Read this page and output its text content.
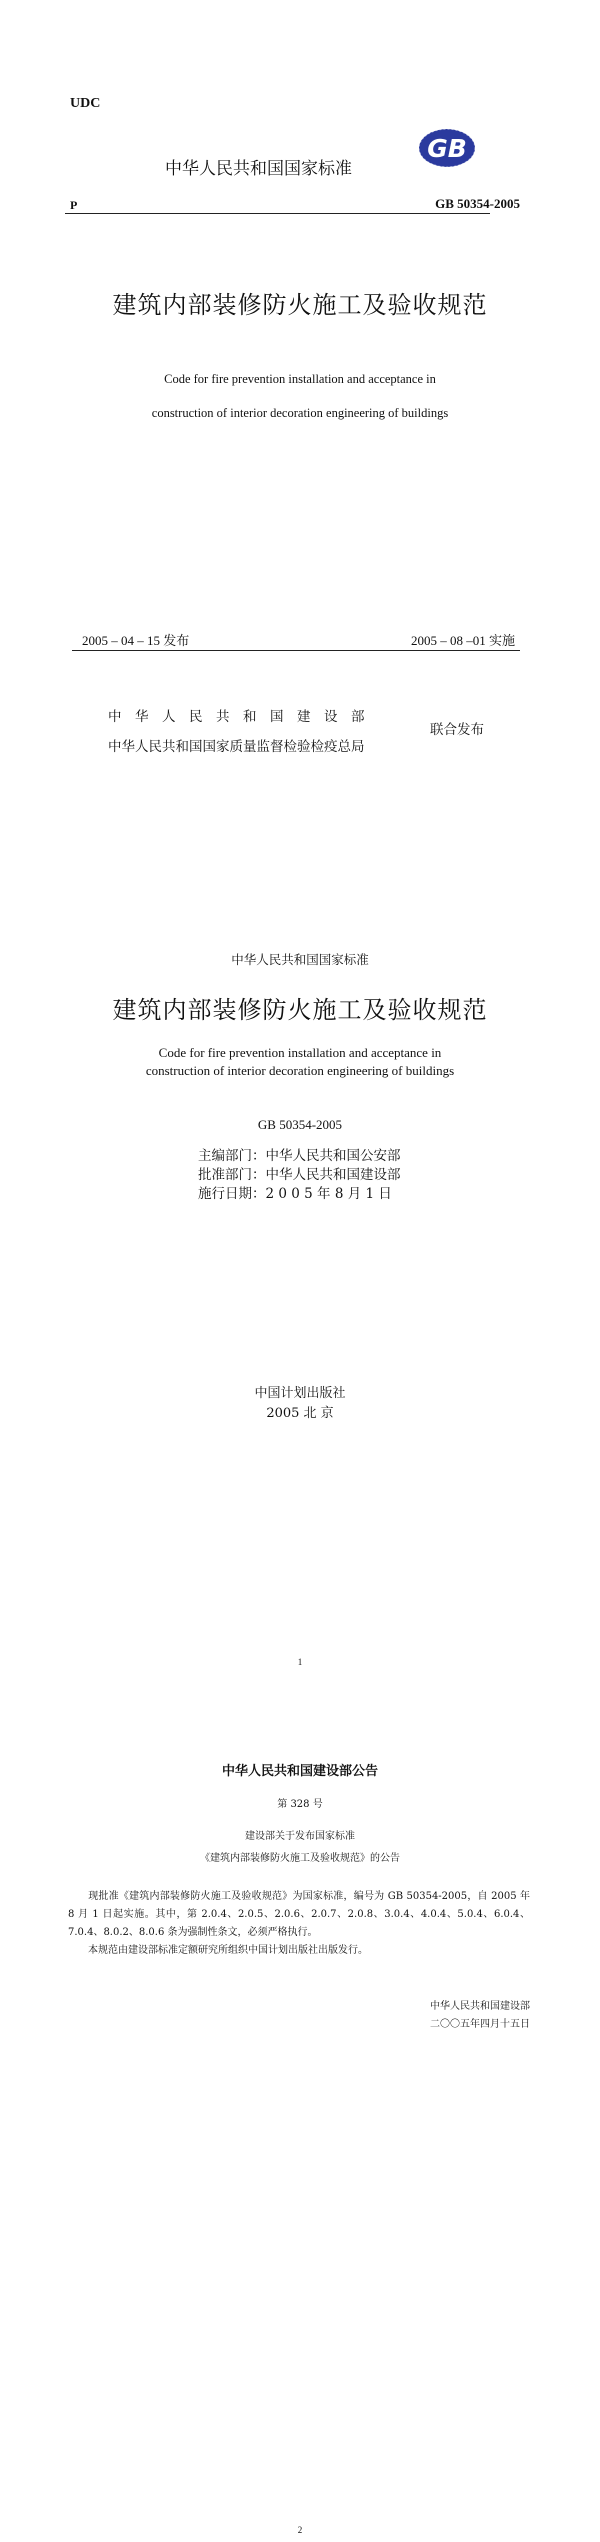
UDC
中华人民共和国国家标准
GB
P	GB 50354-2005
建筑内部装修防火施工及验收规范
Code for fire prevention installation and acceptance in
construction of interior decoration engineering of buildings
2005 – 04 – 15 发布	2005 – 08 –01 实施
中华人民共和国建设部
中华人民共和国国家质量监督检验检疫总局
联合发布
中华人民共和国国家标准
建筑内部装修防火施工及验收规范
Code for fire prevention installation and acceptance in
construction of interior decoration engineering of buildings
GB 50354-2005
主编部门：中华人民共和国公安部
批准部门：中华人民共和国建设部
施行日期：2 0 0 5 年 8 月 1 日
中国计划出版社
2005 北 京
1
中华人民共和国建设部公告
第 328 号
建设部关于发布国家标准
《建筑内部装修防火施工及验收规范》的公告
现批准《建筑内部装修防火施工及验收规范》为国家标准，编号为 GB 50354-2005，自 2005 年 8 月 1 日起实施。其中，第 2.0.4、2.0.5、2.0.6、2.0.7、2.0.8、3.0.4、4.0.4、5.0.4、6.0.4、7.0.4、8.0.2、8.0.6 条为强制性条文，必须严格执行。
本规范由建设部标准定额研究所组织中国计划出版社出版发行。
中华人民共和国建设部
二〇〇五年四月十五日
2
